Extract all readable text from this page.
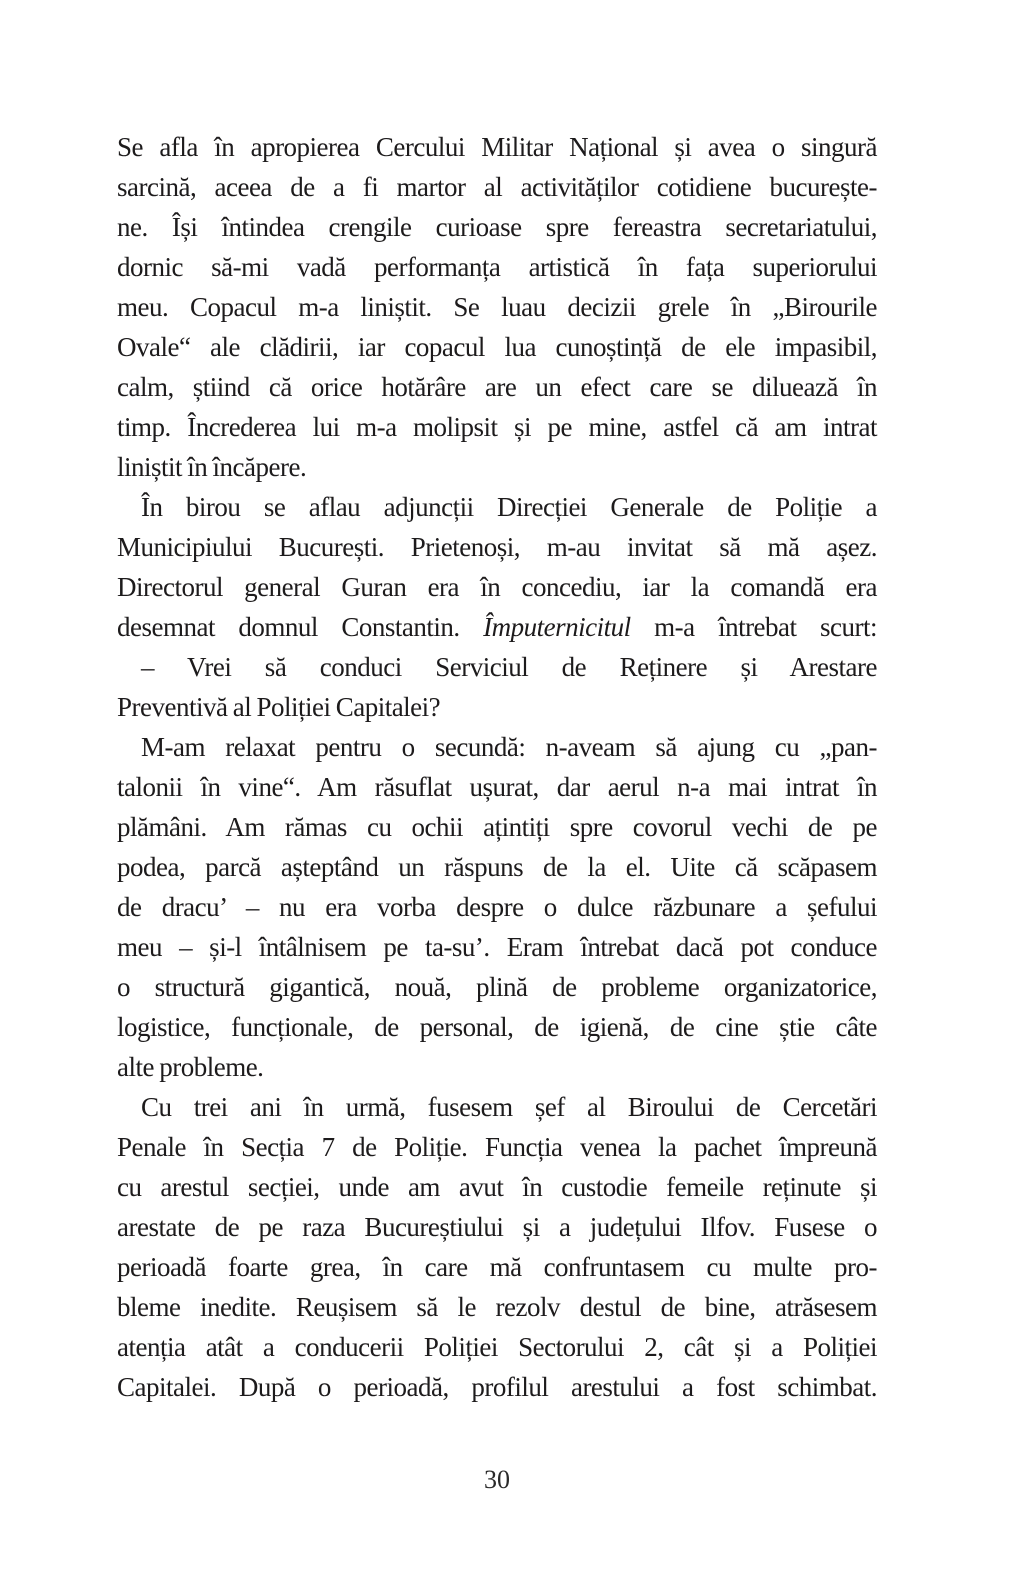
Se afla în apropierea Cercului Militar Național și avea o singură
sarcină, aceea de a fi martor al activităților cotidiene bucurește-
ne. Își întindea crengile curioase spre fereastra secretariatului,
dornic să-mi vadă performanța artistică în fața superiorului
meu. Copacul m-a liniștit. Se luau decizii grele în „Birourile
Ovale“ ale clădirii, iar copacul lua cunoștință de ele impasibil,
calm, știind că orice hotărâre are un efect care se diluează în
timp. Încrederea lui m-a molipsit și pe mine, astfel că am intrat
liniștit în încăpere.

În birou se aflau adjuncții Direcției Generale de Poliție a
Municipiului București. Prietenoși, m-au invitat să mă așez.
Directorul general Guran era în concediu, iar la comandă era
desemnat domnul Constantin. Împuternicitul m-a întrebat scurt:

– Vrei să conduci Serviciul de Reținere și Arestare
Preventivă al Poliției Capitalei?

M-am relaxat pentru o secundă: n-aveam să ajung cu „pan-
talonii în vine“. Am răsuflat ușurat, dar aerul n-a mai intrat în
plămâni. Am rămas cu ochii ațintiți spre covorul vechi de pe
podea, parcă așteptând un răspuns de la el. Uite că scăpasem
de dracu’ – nu era vorba despre o dulce răzbunare a șefului
meu – și-l întâlnisem pe ta-su’. Eram întrebat dacă pot conduce
o structură gigantică, nouă, plină de probleme organizatorice,
logistice, funcționale, de personal, de igienă, de cine știe câte
alte probleme.

Cu trei ani în urmă, fusesem șef al Biroului de Cercetări
Penale în Secția 7 de Poliție. Funcția venea la pachet împreună
cu arestul secției, unde am avut în custodie femeile reținute și
arestate de pe raza Bucureștiului și a județului Ilfov. Fusese o
perioadă foarte grea, în care mă confruntasem cu multe pro-
bleme inedite. Reușisem să le rezolv destul de bine, atrăsesem
atenția atât a conducerii Poliției Sectorului 2, cât și a Poliției
Capitalei. După o perioadă, profilul arestului a fost schimbat.

30
